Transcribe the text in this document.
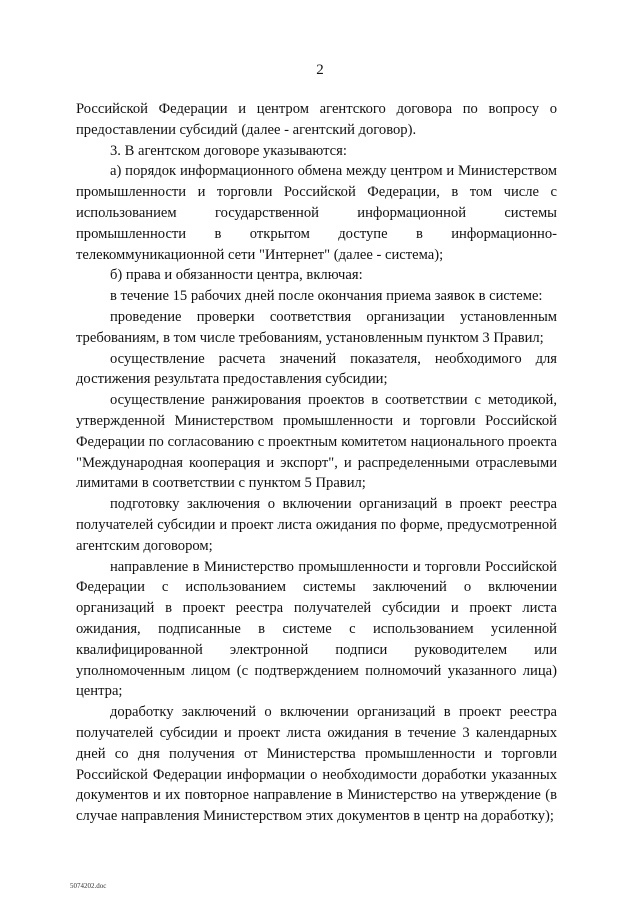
2

Российской Федерации и центром агентского договора по вопросу о предоставлении субсидий (далее - агентский договор).

3. В агентском договоре указываются:

а) порядок информационного обмена между центром и Министерством промышленности и торговли Российской Федерации, в том числе с использованием государственной информационной системы промышленности в открытом доступе в информационно-телекоммуникационной сети "Интернет" (далее - система);

б) права и обязанности центра, включая:

в течение 15 рабочих дней после окончания приема заявок в системе:

проведение проверки соответствия организации установленным требованиям, в том числе требованиям, установленным пунктом 3 Правил;

осуществление расчета значений показателя, необходимого для достижения результата предоставления субсидии;

осуществление ранжирования проектов в соответствии с методикой, утвержденной Министерством промышленности и торговли Российской Федерации по согласованию с проектным комитетом национального проекта "Международная кооперация и экспорт", и распределенными отраслевыми лимитами в соответствии с пунктом 5 Правил;

подготовку заключения о включении организаций в проект реестра получателей субсидии и проект листа ожидания по форме, предусмотренной агентским договором;

направление в Министерство промышленности и торговли Российской Федерации с использованием системы заключений о включении организаций в проект реестра получателей субсидии и проект листа ожидания, подписанные в системе с использованием усиленной квалифицированной электронной подписи руководителем или уполномоченным лицом (с подтверждением полномочий указанного лица) центра;

доработку заключений о включении организаций в проект реестра получателей субсидии и проект листа ожидания в течение 3 календарных дней со дня получения от Министерства промышленности и торговли Российской Федерации информации о необходимости доработки указанных документов и их повторное направление в Министерство на утверждение (в случае направления Министерством этих документов в центр на доработку);

5074202.doc
